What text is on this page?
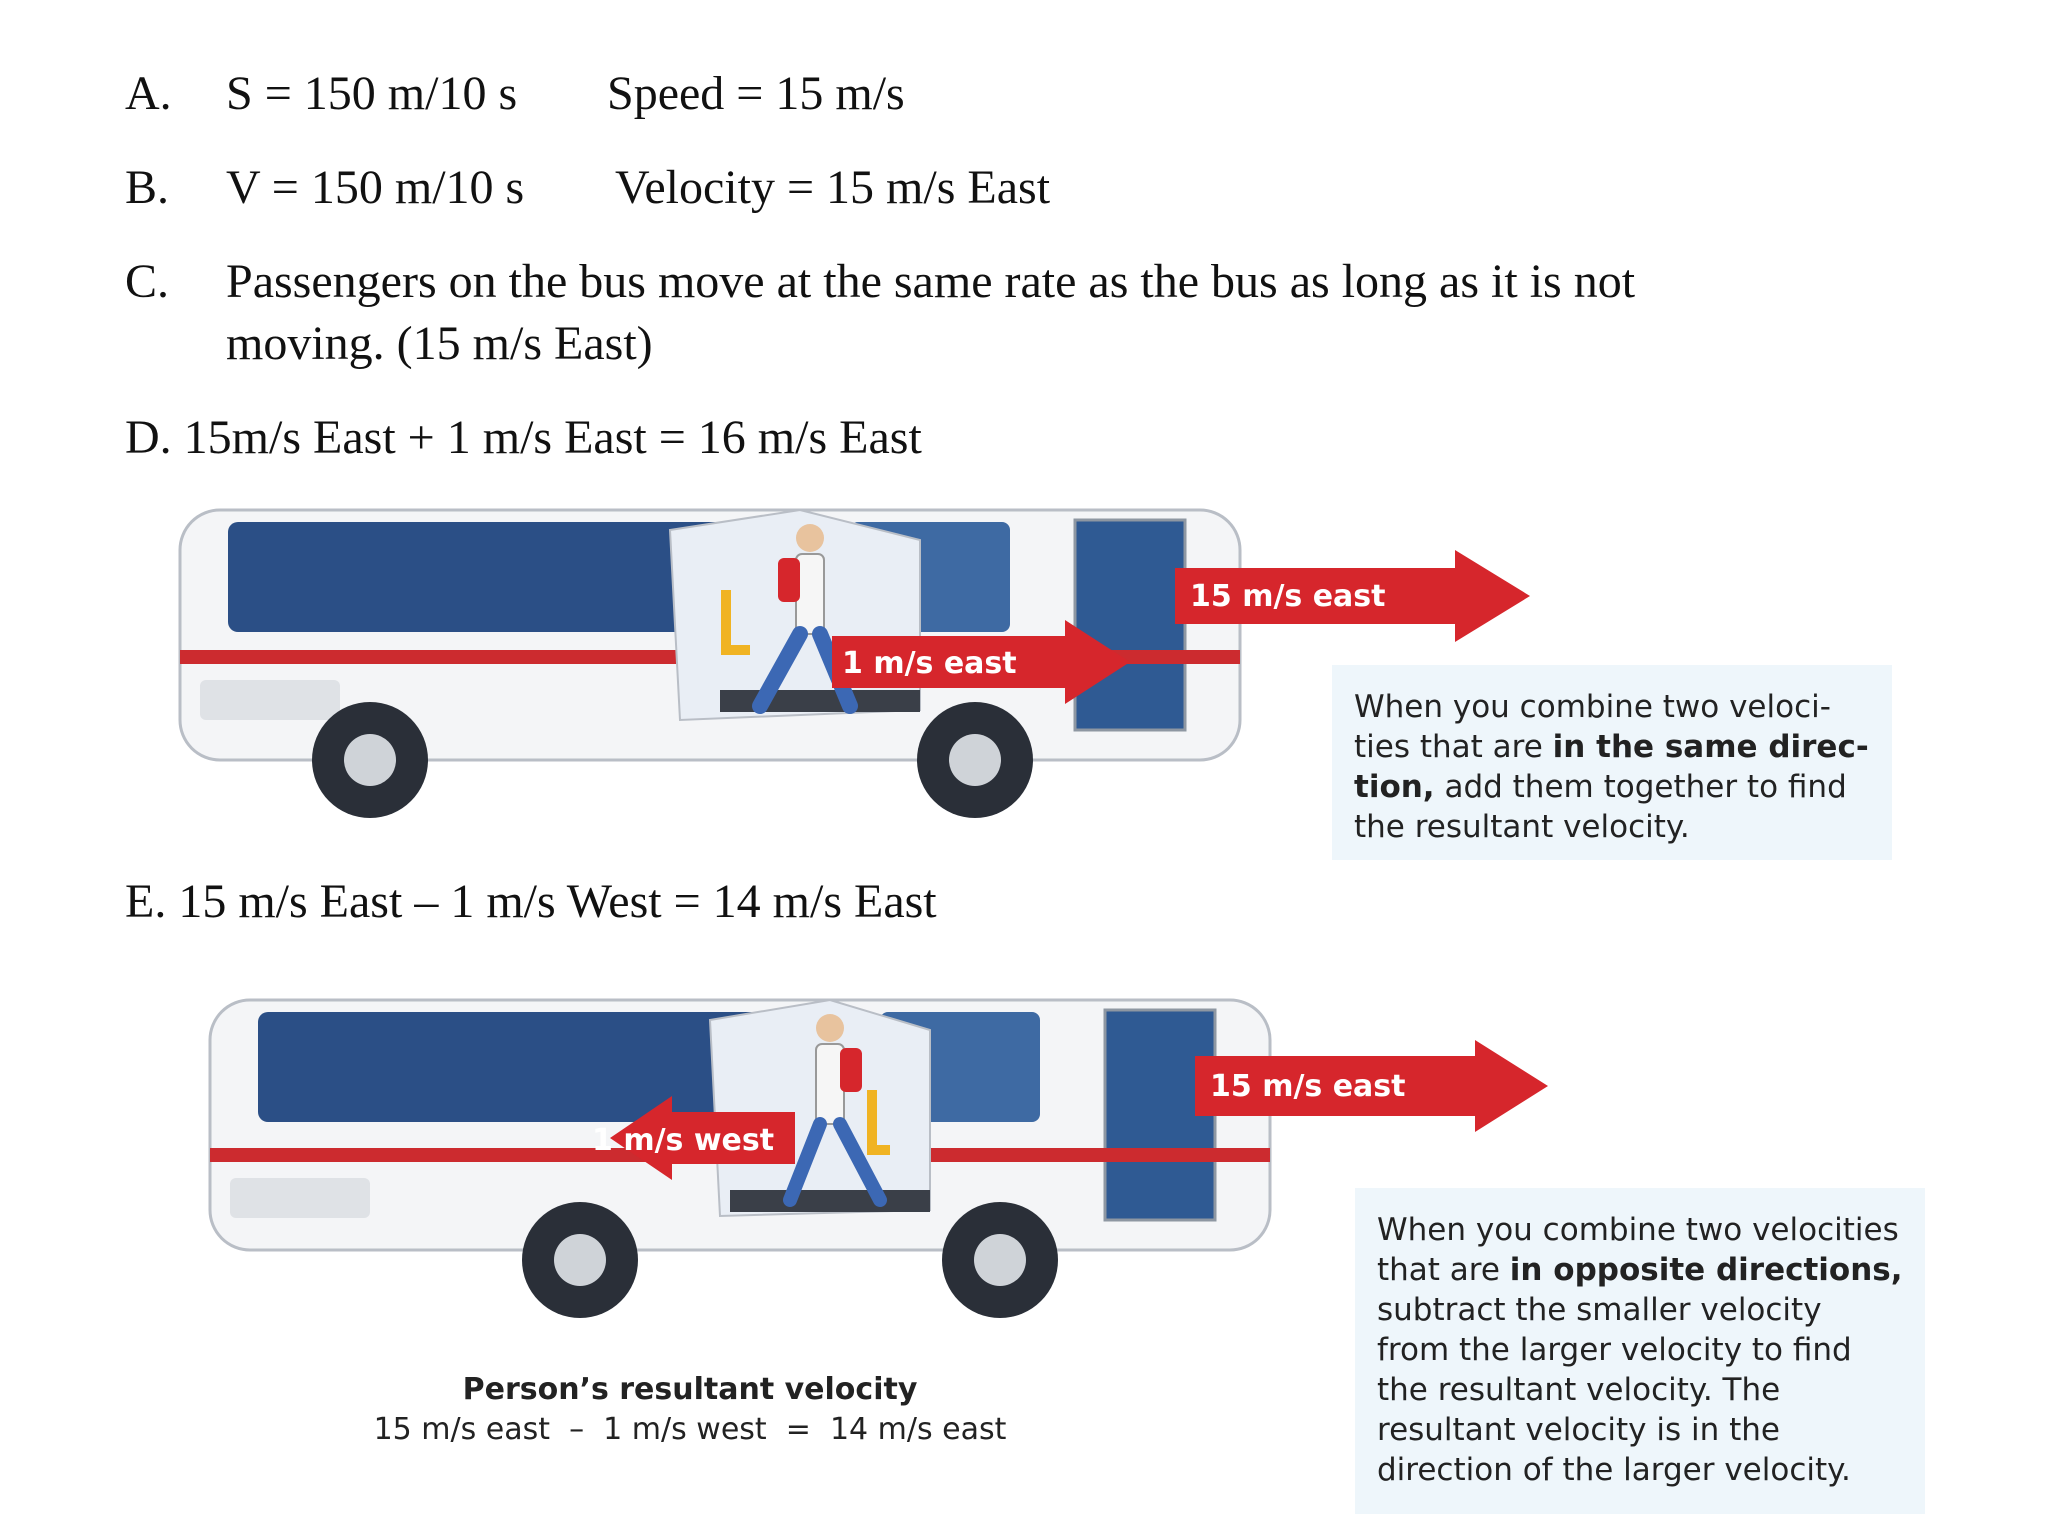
A. S = 150 m/10 s Speed = 15 m/s
B. V = 150 m/10 s Velocity = 15 m/s East
C. Passengers on the bus move at the same rate as the bus as long as it is not
moving. (15 m/s East)
D. 15m/s East + 1 m/s East = 16 m/s East
E. 15 m/s East – 1 m/s West = 14 m/s East
15 m/s east
1 m/s east
When you combine two veloci-ties that are in the same direc-tion, add them together to find the resultant velocity.
15 m/s east
1 m/s west
Person’s resultant velocity
15 m/s east  –  1 m/s west  =  14 m/s east
When you combine two velocities that are in opposite directions, subtract the smaller velocity from the larger velocity to find the resultant velocity. The resultant velocity is in the direction of the larger velocity.
